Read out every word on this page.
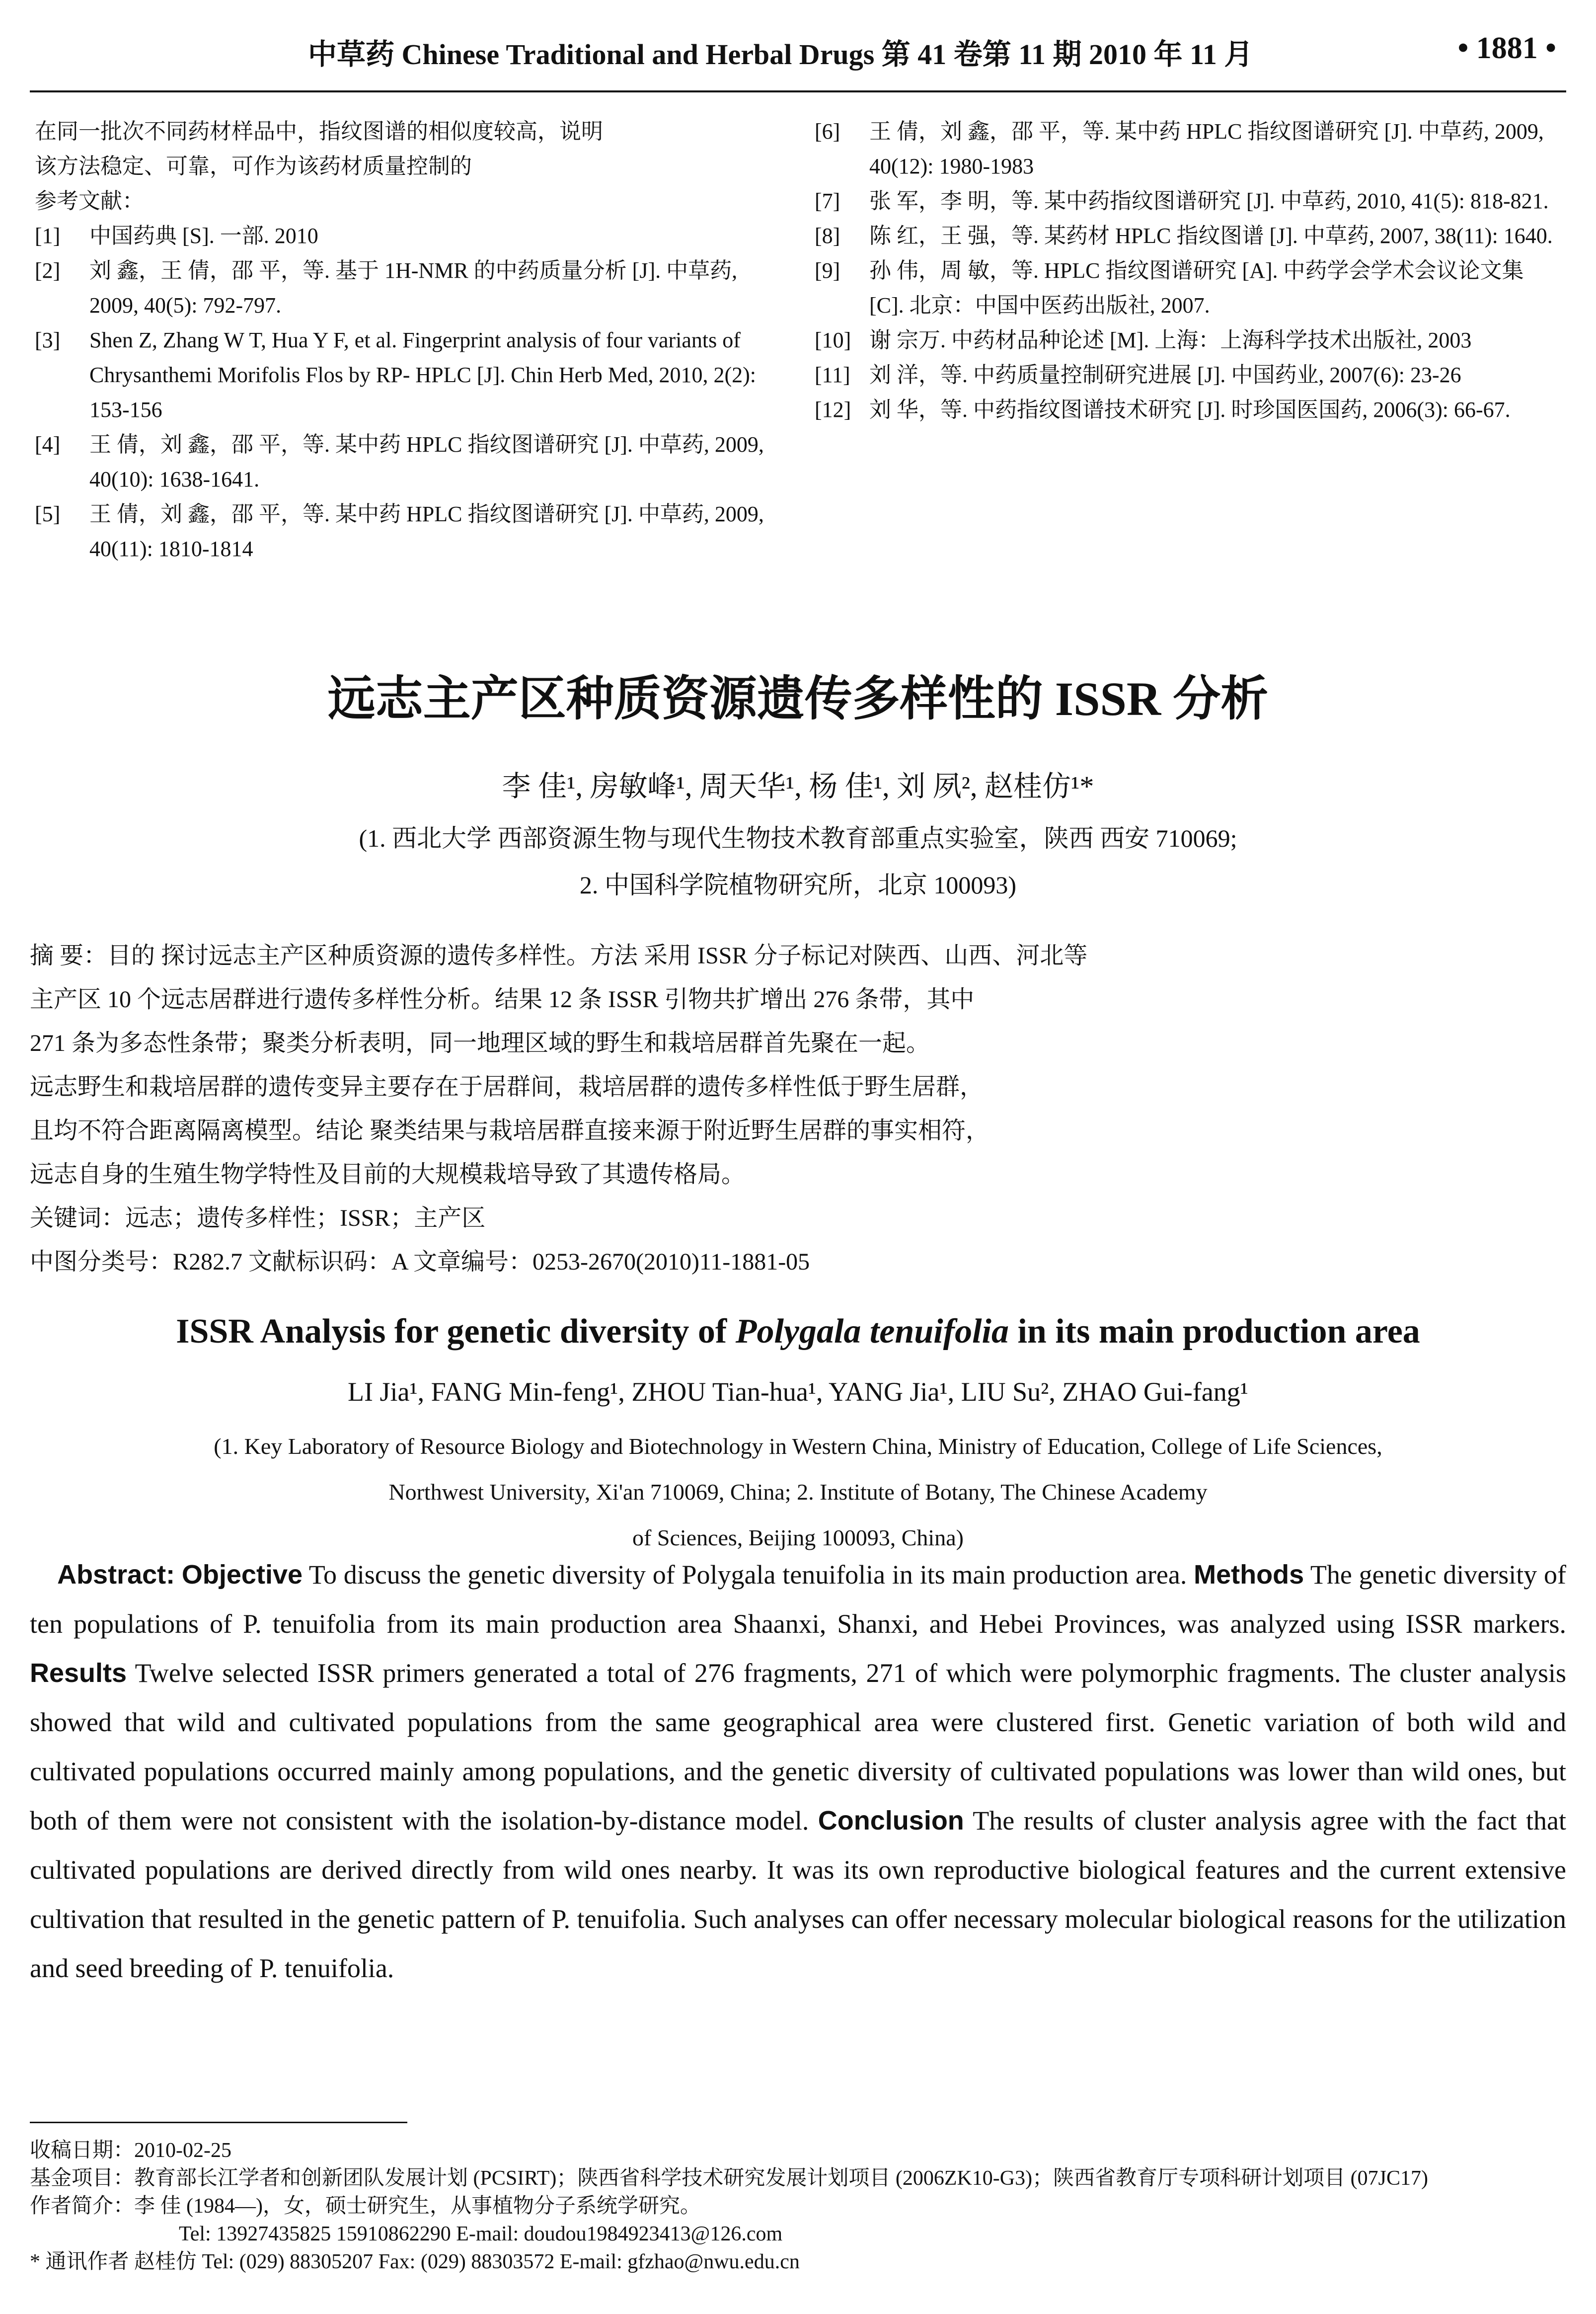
中草药 Chinese Traditional and Herbal Drugs 第 41 卷第 11 期 2010 年 11 月	• 1881 •

在同一批次不同药材样品中，指纹图谱的相似度较高，说明

该方法稳定、可靠，可作为该药材质量控制的

参考文献：

[1]	中国药典 [S]. 一部. 2010
[2]	刘 鑫，王 倩，邵 平，等. 基于 1H-NMR 的中药质量分析 [J]. 中草药, 2009, 40(5): 792-797.
[3]	Shen Z, Zhang W T, Hua Y F, et al. Fingerprint analysis of four variants of Chrysanthemi Morifolis Flos by RP- HPLC [J]. Chin Herb Med, 2010, 2(2): 153-156
[4]	王 倩，刘 鑫，邵 平，等. 某中药 HPLC 指纹图谱研究 [J]. 中草药, 2009, 40(10): 1638-1641.
[5]	王 倩，刘 鑫，邵 平，等. 某中药 HPLC 指纹图谱研究 [J]. 中草药, 2009, 40(11): 1810-1814
[6]	王 倩，刘 鑫，邵 平，等. 某中药 HPLC 指纹图谱研究 [J]. 中草药, 2009, 40(12): 1980-1983
[7]	张 军，李 明，等. 某中药指纹图谱研究 [J]. 中草药, 2010, 41(5): 818-821.
[8]	陈 红，王 强，等. 某药材 HPLC 指纹图谱 [J]. 中草药, 2007, 38(11): 1640.
[9]	孙 伟，周 敏，等. HPLC 指纹图谱研究 [A]. 中药学会学术会议论文集 [C]. 北京：中国中医药出版社, 2007.
[10] 谢 宗万. 中药材品种论述 [M]. 上海：上海科学技术出版社, 2003
[11] 刘 洋，等. 中药质量控制研究进展 [J]. 中国药业, 2007(6): 23-26
[12] 刘 华，等. 中药指纹图谱技术研究 [J]. 时珍国医国药, 2006(3): 66-67.
远志主产区种质资源遗传多样性的 ISSR 分析
李 佳¹, 房敏峰¹, 周天华¹, 杨 佳¹, 刘 夙², 赵桂仿¹*
(1. 西北大学 西部资源生物与现代生物技术教育部重点实验室，陕西 西安 710069;
2. 中国科学院植物研究所，北京 100093)

摘 要：目的 探讨远志主产区种质资源的遗传多样性。方法 采用 ISSR 分子标记对陕西、山西、河北等

主产区 10 个远志居群进行遗传多样性分析。结果 12 条 ISSR 引物共扩增出 276 条带，其中

271 条为多态性条带；聚类分析表明，同一地理区域的野生和栽培居群首先聚在一起。

远志野生和栽培居群的遗传变异主要存在于居群间，栽培居群的遗传多样性低于野生居群，

且均不符合距离隔离模型。结论 聚类结果与栽培居群直接来源于附近野生居群的事实相符，

远志自身的生殖生物学特性及目前的大规模栽培导致了其遗传格局。

关键词：远志；遗传多样性；ISSR；主产区

中图分类号：R282.7 文献标识码：A 文章编号：0253-2670(2010)11-1881-05

ISSR Analysis for genetic diversity of Polygala tenuifolia in its main production area
LI Jia¹, FANG Min-feng¹, ZHOU Tian-hua¹, YANG Jia¹, LIU Su², ZHAO Gui-fang¹
(1. Key Laboratory of Resource Biology and Biotechnology in Western China, Ministry of Education, College of Life Sciences,
Northwest University, Xi'an 710069, China; 2. Institute of Botany, The Chinese Academy
of Sciences, Beijing 100093, China)
Abstract: Objective To discuss the genetic diversity of Polygala tenuifolia in its main production area. Methods The genetic diversity of ten populations of P. tenuifolia from its main production area Shaanxi, Shanxi, and Hebei Provinces, was analyzed using ISSR markers. Results Twelve selected ISSR primers generated a total of 276 fragments, 271 of which were polymorphic fragments. The cluster analysis showed that wild and cultivated populations from the same geographical area were clustered first. Genetic variation of both wild and cultivated populations occurred mainly among populations, and the genetic diversity of cultivated populations was lower than wild ones, but both of them were not consistent with the isolation-by-distance model. Conclusion The results of cluster analysis agree with the fact that cultivated populations are derived directly from wild ones nearby. It was its own reproductive biological features and the current extensive cultivation that resulted in the genetic pattern of P. tenuifolia. Such analyses can offer necessary molecular biological reasons for the utilization and seed breeding of P. tenuifolia.

收稿日期：2010-02-25

基金项目：教育部长江学者和创新团队发展计划 (PCSIRT)；陕西省科学技术研究发展计划项目 (2006ZK10-G3)；陕西省教育厅专项科研计划项目 (07JC17)

作者简介：李 佳 (1984—)，女，硕士研究生，从事植物分子系统学研究。

Tel: 13927435825 15910862290 E-mail: doudou1984923413@126.com

* 通讯作者 赵桂仿 Tel: (029) 88305207 Fax: (029) 88303572 E-mail: gfzhao@nwu.edu.cn
